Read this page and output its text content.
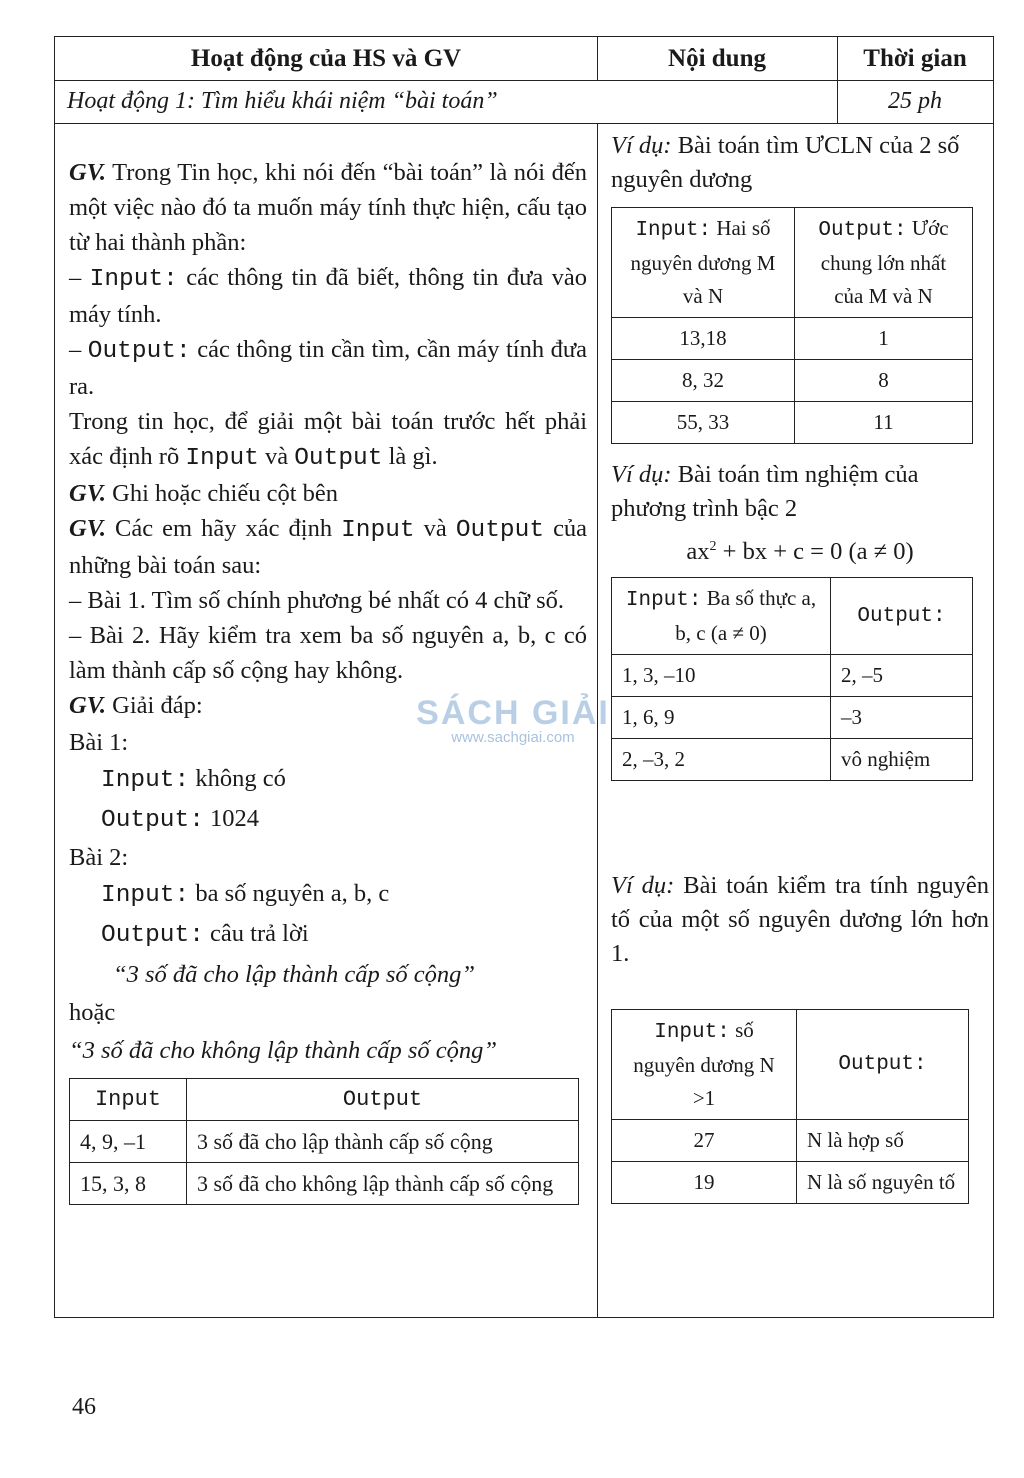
Hoạt động của HS và GV	Nội dung	Thời gian
Hoạt động 1: Tìm hiểu khái niệm “bài toán”	25 ph

GV. Trong Tin học, khi nói đến “bài toán” là nói đến một việc nào đó ta muốn máy tính thực hiện, cấu tạo từ hai thành phần:

– Input: các thông tin đã biết, thông tin đưa vào máy tính.

– Output: các thông tin cần tìm, cần máy tính đưa ra.

Trong tin học, để giải một bài toán trước hết phải xác định rõ Input và Output là gì.

GV. Ghi hoặc chiếu cột bên

GV. Các em hãy xác định Input và Output của những bài toán sau:

– Bài 1. Tìm số chính phương bé nhất có 4 chữ số.

– Bài 2. Hãy kiểm tra xem ba số nguyên a, b, c có làm thành cấp số cộng hay không.

GV. Giải đáp:

Bài 1:

Input: không có

Output: 1024

Bài 2:

Input: ba số nguyên a, b, c

Output: câu trả lời

“3 số đã cho lập thành cấp số cộng”

hoặc

“3 số đã cho không lập thành cấp số cộng”

Input	Output
4, 9, –1	3 số đã cho lập thành cấp số cộng
15, 3, 8	3 số đã cho không lập thành cấp số cộng

Ví dụ: Bài toán tìm ƯCLN của 2 số nguyên dương

Input: Hai số nguyên dương M và N	Output: Ước chung lớn nhất của M và N
13,18	1
8, 32	8
55, 33	11

Ví dụ: Bài toán tìm nghiệm của phương trình bậc 2

$ax^2$ + bx + c = 0 (a ≠ 0)

Input: Ba số thực a, b, c (a ≠ 0)	Output:
1, 3, –10	2, –5
1, 6, 9	–3
2, –3, 2	vô nghiệm

Ví dụ: Bài toán kiểm tra tính nguyên tố của một số nguyên dương lớn hơn 1.

Input: số nguyên dương N >1	Output:
27	N là hợp số
19	N là số nguyên tố
SÁCH GIẢI
www.sachgiai.com
46
